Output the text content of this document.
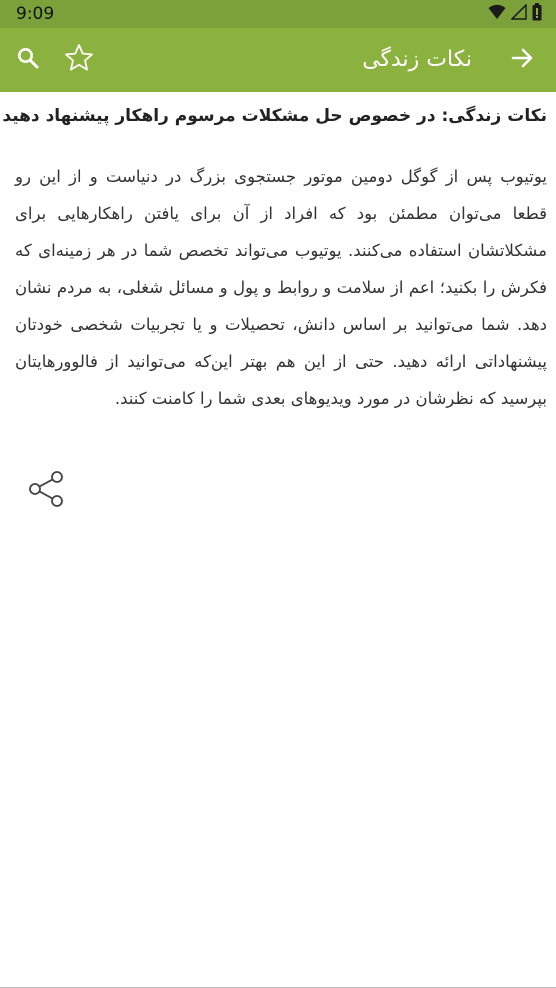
9:09
نکات زندگی
نکات زندگی: در خصوص حل مشکلات مرسوم راهکار پیشنهاد دهید
یوتیوب پس از گوگل دومین موتور جستجوی بزرگ در دنیاست و از این رو قطعا می‌توان مطمئن بود که افراد از آن برای یافتن راهکارهایی برای مشکلاتشان استفاده می‌کنند. یوتیوب می‌تواند تخصص شما در هر زمینه‌ای که فکرش را بکنید؛ اعم از سلامت و روابط و پول و مسائل شغلی، به مردم نشان دهد. شما می‌توانید بر اساس دانش، تحصیلات و یا تجربیات شخصی خودتان پیشنهاداتی ارائه دهید. حتی از این هم بهتر این‌که می‌توانید از فالوورهایتان بپرسید که نظرشان در مورد ویدیوهای بعدی شما را کامنت کنند.
